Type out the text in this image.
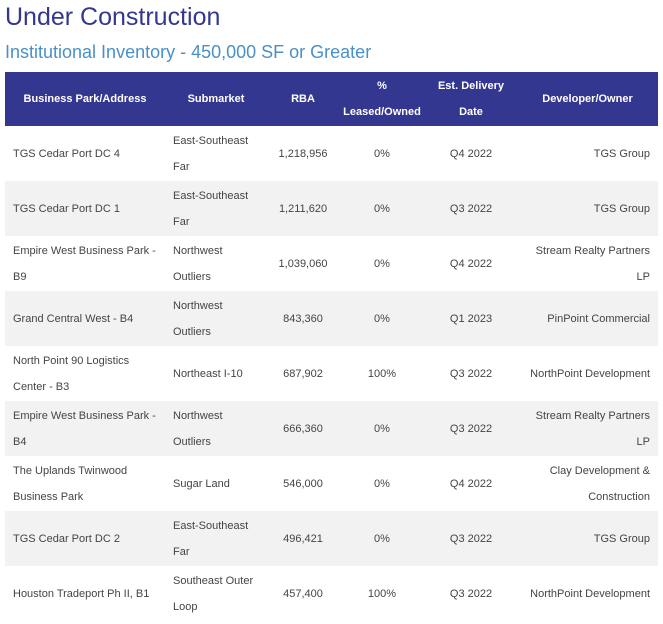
Under Construction
Institutional Inventory - 450,000 SF or Greater
Business Park/Address	Submarket	RBA	% Leased/Owned	Est. Delivery Date	Developer/Owner
TGS Cedar Port DC 4	East-Southeast Far	1,218,956	0%	Q4 2022	TGS Group
TGS Cedar Port DC 1	East-Southeast Far	1,211,620	0%	Q3 2022	TGS Group
Empire West Business Park - B9	Northwest Outliers	1,039,060	0%	Q4 2022	Stream Realty Partners LP
Grand Central West - B4	Northwest Outliers	843,360	0%	Q1 2023	PinPoint Commercial
North Point 90 Logistics Center - B3	Northeast I-10	687,902	100%	Q3 2022	NorthPoint Development
Empire West Business Park - B4	Northwest Outliers	666,360	0%	Q3 2022	Stream Realty Partners LP
The Uplands Twinwood Business Park	Sugar Land	546,000	0%	Q4 2022	Clay Development & Construction
TGS Cedar Port DC 2	East-Southeast Far	496,421	0%	Q3 2022	TGS Group
Houston Tradeport Ph II, B1	Southeast Outer Loop	457,400	100%	Q3 2022	NorthPoint Development
